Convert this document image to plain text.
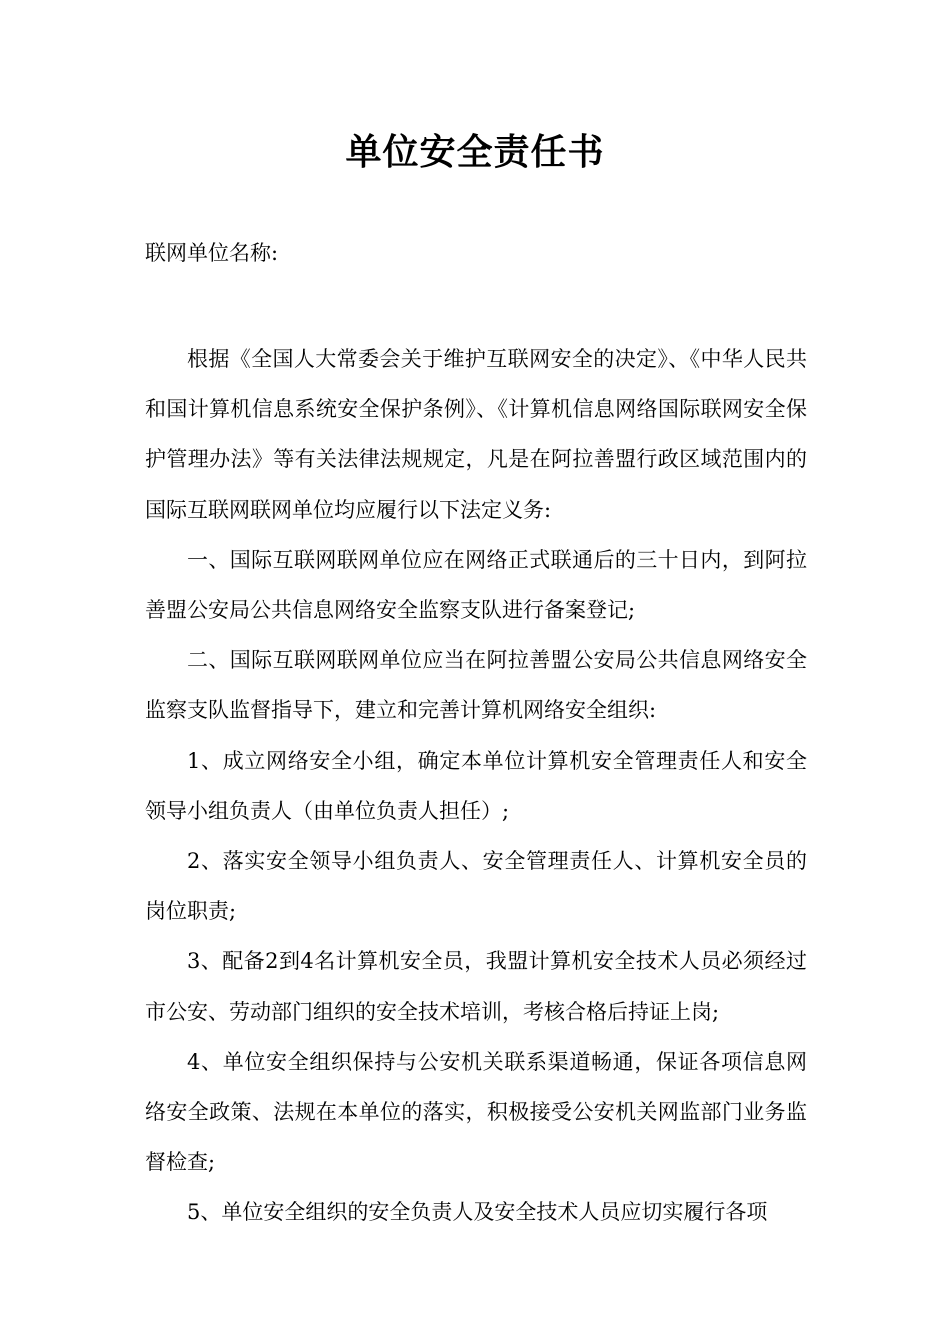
单位安全责任书
联网单位名称:

根据《全国人大常委会关于维护互联网安全的决定》、《中华人民共和国计算机信息系统安全保护条例》、《计算机信息网络国际联网安全保护管理办法》等有关法律法规规定，凡是在阿拉善盟行政区域范围内的国际互联网联网单位均应履行以下法定义务:

一、国际互联网联网单位应在网络正式联通后的三十日内，到阿拉善盟公安局公共信息网络安全监察支队进行备案登记;

二、国际互联网联网单位应当在阿拉善盟公安局公共信息网络安全监察支队监督指导下，建立和完善计算机网络安全组织:

1、成立网络安全小组，确定本单位计算机安全管理责任人和安全领导小组负责人（由单位负责人担任）;

2、落实安全领导小组负责人、安全管理责任人、计算机安全员的岗位职责;

3、配备2到4名计算机安全员，我盟计算机安全技术人员必须经过市公安、劳动部门组织的安全技术培训，考核合格后持证上岗;

4、单位安全组织保持与公安机关联系渠道畅通，保证各项信息网络安全政策、法规在本单位的落实，积极接受公安机关网监部门业务监督检查;

5、单位安全组织的安全负责人及安全技术人员应切实履行各项
